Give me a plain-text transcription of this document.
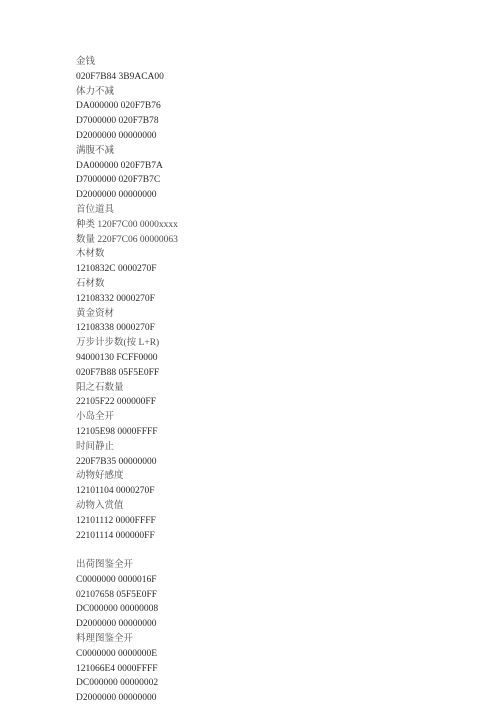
金钱
020F7B84 3B9ACA00
体力不减
DA000000 020F7B76
D7000000 020F7B78
D2000000 00000000
满腹不减
DA000000 020F7B7A
D7000000 020F7B7C
D2000000 00000000
首位道具
种类 120F7C00 0000xxxx
数量 220F7C06 00000063
木材数
1210832C 0000270F
石材数
12108332 0000270F
黄金资材
12108338 0000270F
万步计步数(按 L+R)
94000130 FCFF0000
020F7B88 05F5E0FF
阳之石数量
22105F22 000000FF
小岛全开
12105E98 0000FFFF
时间静止
220F7B35 00000000
动物好感度
12101104 0000270F
动物入赏值
12101112 0000FFFF
22101114 000000FF
出荷图鉴全开
C0000000 0000016F
02107658 05F5E0FF
DC000000 00000008
D2000000 00000000
料理图鉴全开
C0000000 0000000E
121066E4 0000FFFF
DC000000 00000002
D2000000 00000000
